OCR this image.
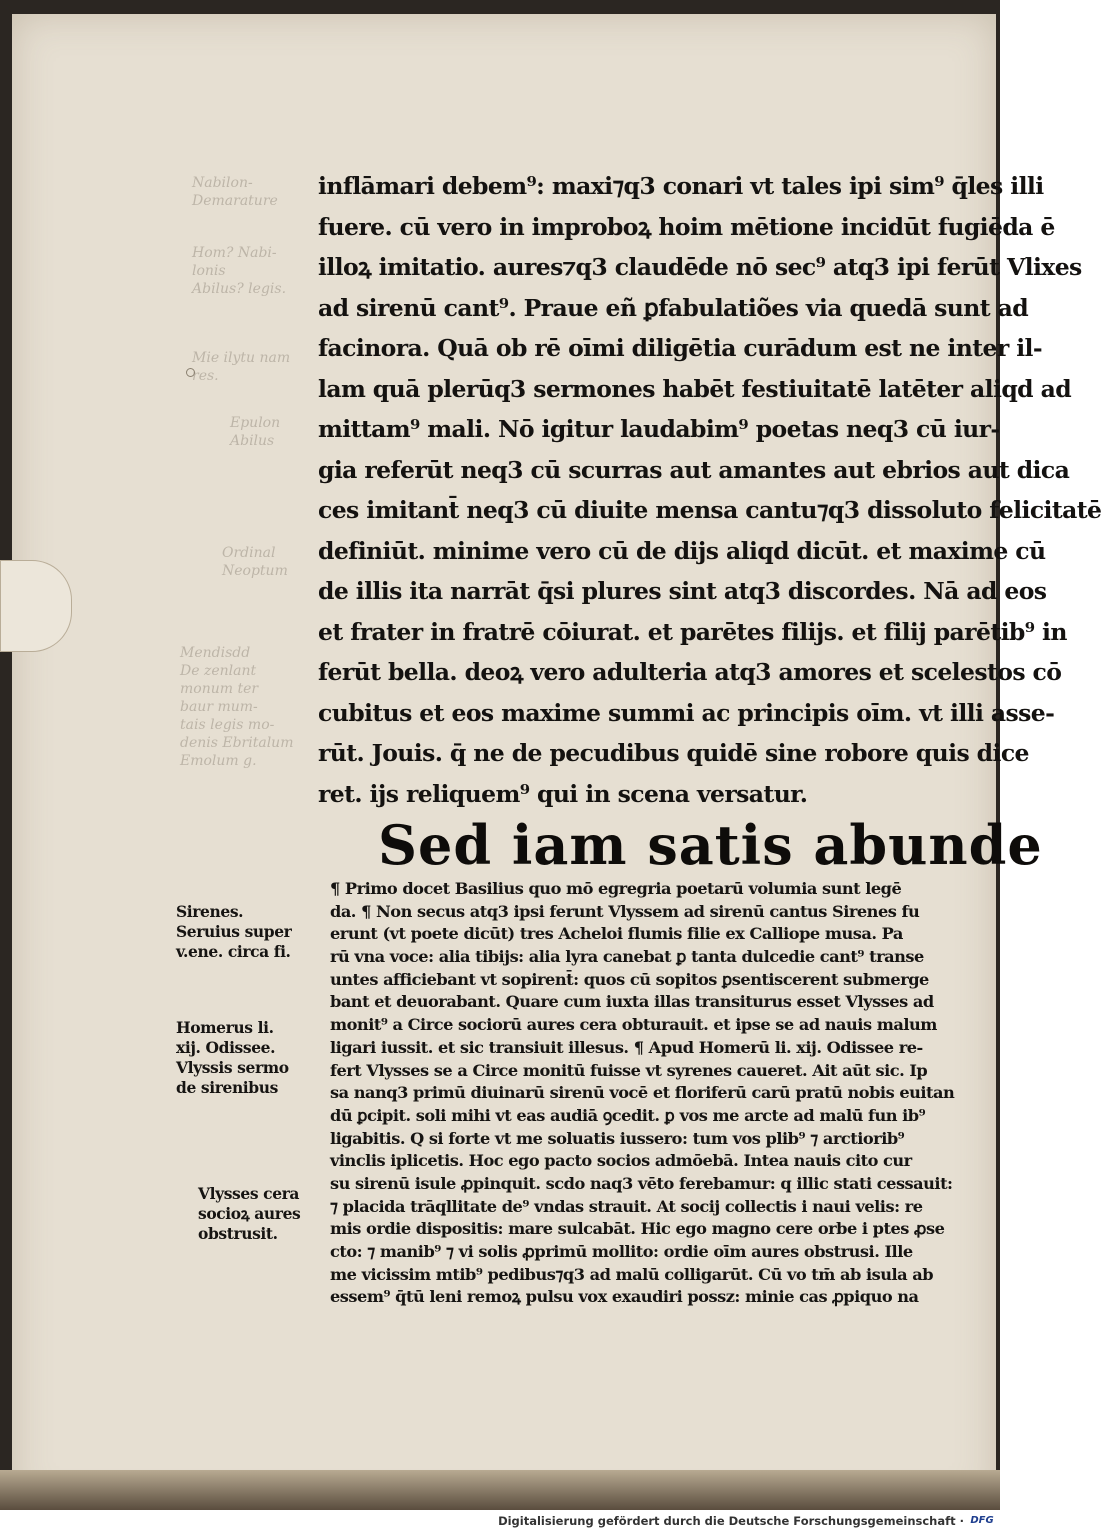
Nabilon-
Demarature
Hom? Nabi-
lonis
Abilus? legis.
Mie ilytu nam
res.
Epulon
Abilus
Ordinal
Neoptum
Mendisdd
De zenlant
monum ter
baur mum-
tais legis mo-
denis Ebritalum
Emolum g.
inflāmari debem⁹: maxi⁊q3 conari vt tales ipi sim⁹ q̄les illi
fuere. cū vero in improboꝝ hoim mētione incidūt fugiēda ē
illoꝝ imitatio. aures⁊q3 claudēde nō sec⁹ atq3 ipi ferūt Vlixes
ad sirenū cant⁹. Praue eñ ꝑfabulatiões via quedā sunt ad
facinora. Quā ob rē oīmi diligētia curādum est ne inter il-
lam quā plerūq3 sermones habēt festiuitatē latēter aliqd ad
mittam⁹ mali. Nō igitur laudabim⁹ poetas neq3 cū iur-
gia referūt neq3 cū scurras aut amantes aut ebrios aut dica
ces imitant̄ neq3 cū diuite mensa cantu⁊q3 dissoluto felicitatē
definiūt. minime vero cū de dijs aliqd dicūt. et maxime cū
de illis ita narrāt q̄si plures sint atq3 discordes. Nā ad eos
et frater in fratrē cōiurat. et parētes filijs. et filij parētib⁹ in
ferūt bella. deoꝝ vero adulteria atq3 amores et scelestos cō
cubitus et eos maxime summi ac principis oīm. vt illi asse-
rūt. Jouis. q̄ ne de pecudibus quidē sine robore quis dice
ret. ijs reliquem⁹ qui in scena versatur.
Sed iam satis abunde
¶ Primo docet Basilius quo mō egregria poetarū volumia sunt legē
da. ¶ Non secus atq3 ipsi ferunt Vlyssem ad sirenū cantus Sirenes fu
erunt (vt poete dicūt) tres Acheloi flumis filie ex Calliope musa. Pa
rū vna voce: alia tibijs: alia lyra canebat ꝑ tanta dulcedie cant⁹ transe
untes afficiebant vt sopirent̄: quos cū sopitos ꝑsentiscerent submerge
bant et deuorabant. Quare cum iuxta illas transiturus esset Vlysses ad
monit⁹ a Circe sociorū aures cera obturauit. et ipse se ad nauis malum
ligari iussit. et sic transiuit illesus. ¶ Apud Homerū li. xij. Odissee re-
fert Vlysses se a Circe monitū fuisse vt syrenes caueret. Ait aūt sic. Ip
sa nanq3 primū diuinarū sirenū vocē et floriferū carū pratū nobis euitan
dū ꝑcipit. soli mihi vt eas audiā ꝯcedit. ꝑ vos me arcte ad malū fun ib⁹
ligabitis. Q si forte vt me soluatis iussero: tum vos plib⁹ ⁊ arctiorib⁹
vinclis iplicetis. Hoc ego pacto socios admōebā. Intea nauis cito cur
su sirenū isule ꝓpinquit. scdo naq3 vēto ferebamur: q illic stati cessauit:
⁊ placida trāqllitate de⁹ vndas strauit. At socij collectis i naui velis: re
mis ordie dispositis: mare sulcabāt. Hic ego magno cere orbe i ptes ꝓse
cto: ⁊ manib⁹ ⁊ vi solis ꝓprimū mollito: ordie oīm aures obstrusi. Ille
me vicissim mtib⁹ pedibus⁊q3 ad malū colligarūt. Cū vo tm̄ ab isula ab
essem⁹ q̄tū leni remoꝝ pulsu vox exaudiri possz: minie cas ꝓpiquo na
Sirenes.
Seruius super
v.ene. circa fi.
Homerus li.
xij. Odissee.
Vlyssis sermo
de sirenibus
Vlysses cera
socioꝝ aures
obstrusit.
Digitalisierung gefördert durch die Deutsche Forschungsgemeinschaft · DFG
